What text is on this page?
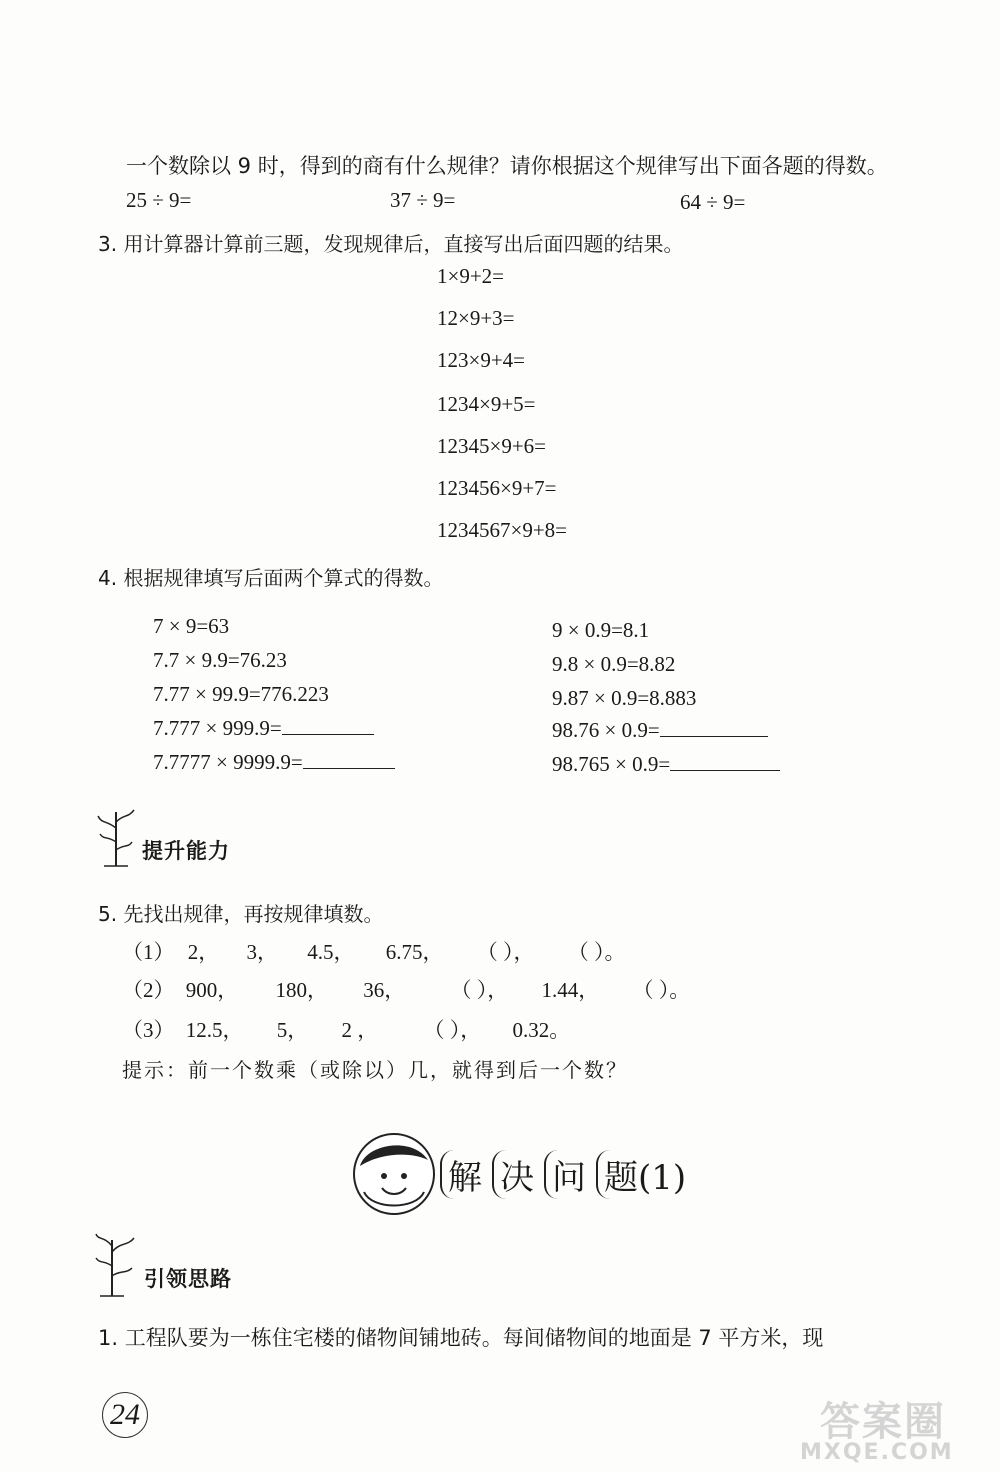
一个数除以 9 时，得到的商有什么规律？请你根据这个规律写出下面各题的得数。
25 ÷ 9=	37 ÷ 9=	64 ÷ 9=
3. 用计算器计算前三题，发现规律后，直接写出后面四题的结果。
1×9+2=
12×9+3=
123×9+4=
1234×9+5=
12345×9+6=
123456×9+7=
1234567×9+8=
4. 根据规律填写后面两个算式的得数。
7 × 9=63
7.7 × 9.9=76.23
7.77 × 99.9=776.223
7.777 × 999.9=
7.7777 × 9999.9=
9 × 0.9=8.1
9.8 × 0.9=8.82
9.87 × 0.9=8.883
98.76 × 0.9=
98.765 × 0.9=
提升能力
5. 先找出规律，再按规律填数。
（1） 2， 3， 4.5， 6.75， （ ）， （ ）。
（2） 900， 180， 36， （ ）， 1.44， （ ）。
（3） 12.5， 5， 2 ， （ ）， 0.32。
提示：前一个数乘（或除以）几，就得到后一个数？
解 决 问 题(1)
引领思路
1. 工程队要为一栋住宅楼的储物间铺地砖。每间储物间的地面是 7 平方米，现
24	答案圈
MXQE.COM
